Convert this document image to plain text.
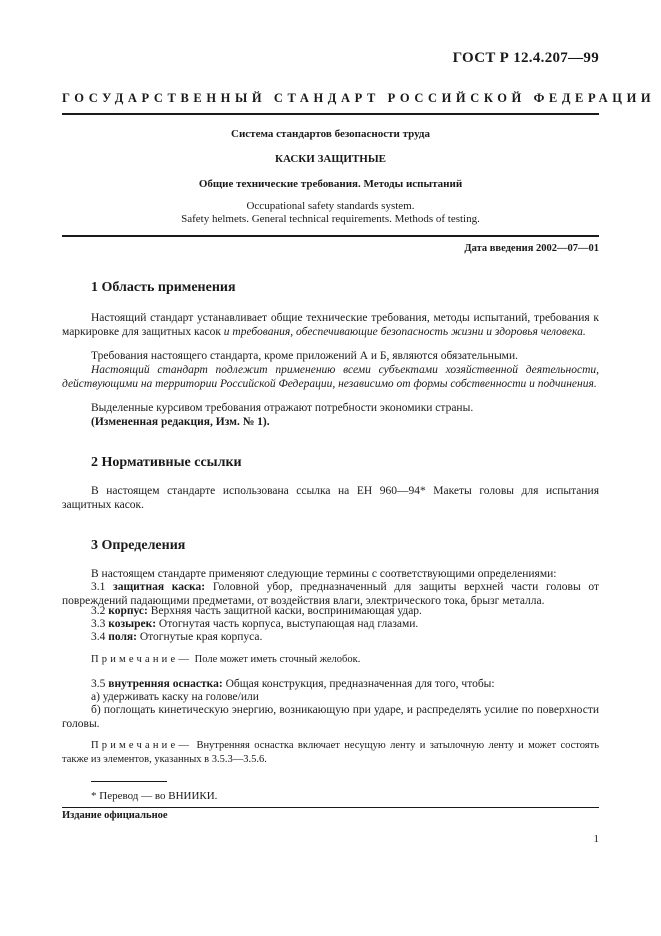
ГОСТ Р 12.4.207—99
ГОСУДАРСТВЕННЫЙ СТАНДАРТ РОССИЙСКОЙ ФЕДЕРАЦИИ
Система стандартов безопасности труда
КАСКИ ЗАЩИТНЫЕ
Общие технические требования. Методы испытаний
Occupational safety standards system.
Safety helmets. General technical requirements. Methods of testing.
Дата введения 2002—07—01
1 Область применения
Настоящий стандарт устанавливает общие технические требования, методы испытаний, требования к маркировке для защитных касок и требования, обеспечивающие безопасность жизни и здоровья человека.
Требования настоящего стандарта, кроме приложений А и Б, являются обязательными.
Настоящий стандарт подлежит применению всеми субъектами хозяйственной деятельности, действующими на территории Российской Федерации, независимо от формы собственности и подчинения.
Выделенные курсивом требования отражают потребности экономики страны.
(Измененная редакция, Изм. № 1).
2 Нормативные ссылки
В настоящем стандарте использована ссылка на ЕН 960—94* Макеты головы для испытания защитных касок.
3 Определения
В настоящем стандарте применяют следующие термины с соответствующими определениями:
3.1 защитная каска: Головной убор, предназначенный для защиты верхней части головы от повреждений падающими предметами, от воздействия влаги, электрического тока, брызг металла.
3.2 корпус: Верхняя часть защитной каски, воспринимающая удар.
3.3 козырек: Отогнутая часть корпуса, выступающая над глазами.
3.4 поля: Отогнутые края корпуса.
Примечание— Поле может иметь сточный желобок.
3.5 внутренняя оснастка: Общая конструкция, предназначенная для того, чтобы:
а) удерживать каску на голове/или
б) поглощать кинетическую энергию, возникающую при ударе, и распределять усилие по поверхности головы.
Примечание— Внутренняя оснастка включает несущую ленту и затылочную ленту и может состоять также из элементов, указанных в 3.5.3—3.5.6.
* Перевод — во ВНИИКИ.
Издание официальное
1
